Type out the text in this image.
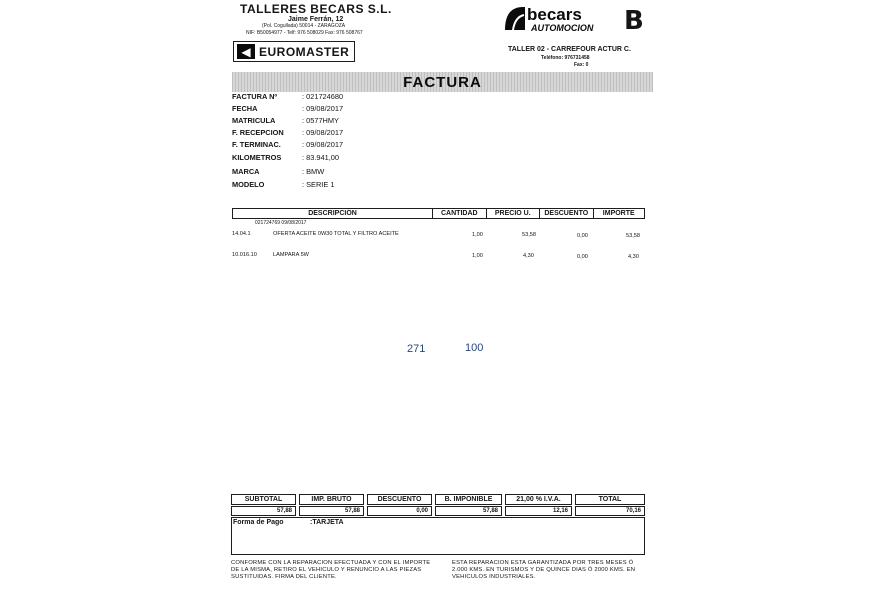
TALLERES BECARS S.L.
Jaime Ferrán, 12
(Pol. Cogullada) 50014 - ZARAGOZA
NIF: B50054977 - Telf: 976 508029 Fax: 976 508767
◀ EUROMASTER
becars
AUTOMOCION B
TALLER 02 - CARREFOUR ACTUR C.
Teléfono: 976731458
Fax: 0
FACTURA
FACTURA Nº	: 021724680
FECHA	: 09/08/2017
MATRICULA	: 0577HMY
F. RECEPCION	: 09/08/2017
F. TERMINAC.	: 09/08/2017
KILOMETROS	: 83.941,00
MARCA	: BMW
MODELO	: SERIE 1
DESCRIPCIÓN	CANTIDAD	PRECIO U.	DESCUENTO	IMPORTE
021724769 09/08/2017
14.04.1	OFERTA ACEITE 0W30 TOTAL Y FILTRO ACEITE	1,00	53,58	0,00	53,58
10.016.10	LAMPARA 5W	1,00	4,30	0,00	4,30
271	100
SUBTOTAL	IMP. BRUTO	DESCUENTO	B. IMPONIBLE	21,00 % I.V.A.	TOTAL
57,88	57,88	0,00	57,88	12,16	70,16
Forma de Pago	:TARJETA
CONFORME CON LA REPARACION EFECTUADA Y CON EL IMPORTE DE LA MISMA, RETIRO EL VEHICULO Y RENUNCIO A LAS PIEZAS SUSTITUIDAS. FIRMA DEL CLIENTE.
ESTA REPARACION ESTA GARANTIZADA POR TRES MESES Ó 2.000 KMS. EN TURISMOS Y DE QUINCE DIAS Ó 2000 KMS. EN VEHICULOS INDUSTRIALES.
